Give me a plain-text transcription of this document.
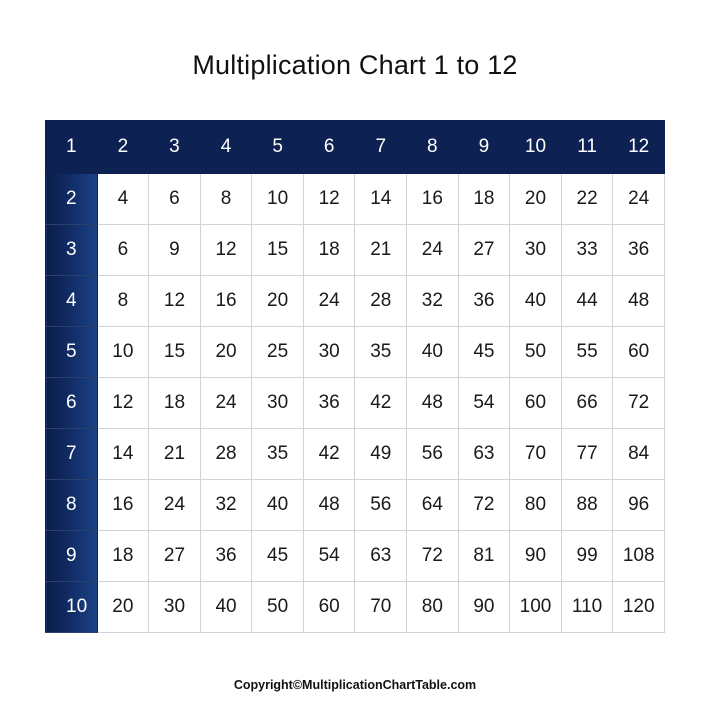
Multiplication Chart 1 to 12
1	2	3	4	5	6	7	8	9	10	11	12
2	4	6	8	10	12	14	16	18	20	22	24
3	6	9	12	15	18	21	24	27	30	33	36
4	8	12	16	20	24	28	32	36	40	44	48
5	10	15	20	25	30	35	40	45	50	55	60
6	12	18	24	30	36	42	48	54	60	66	72
7	14	21	28	35	42	49	56	63	70	77	84
8	16	24	32	40	48	56	64	72	80	88	96
9	18	27	36	45	54	63	72	81	90	99	108
10	20	30	40	50	60	70	80	90	100	110	120
Copyright©MultiplicationChartTable.com
